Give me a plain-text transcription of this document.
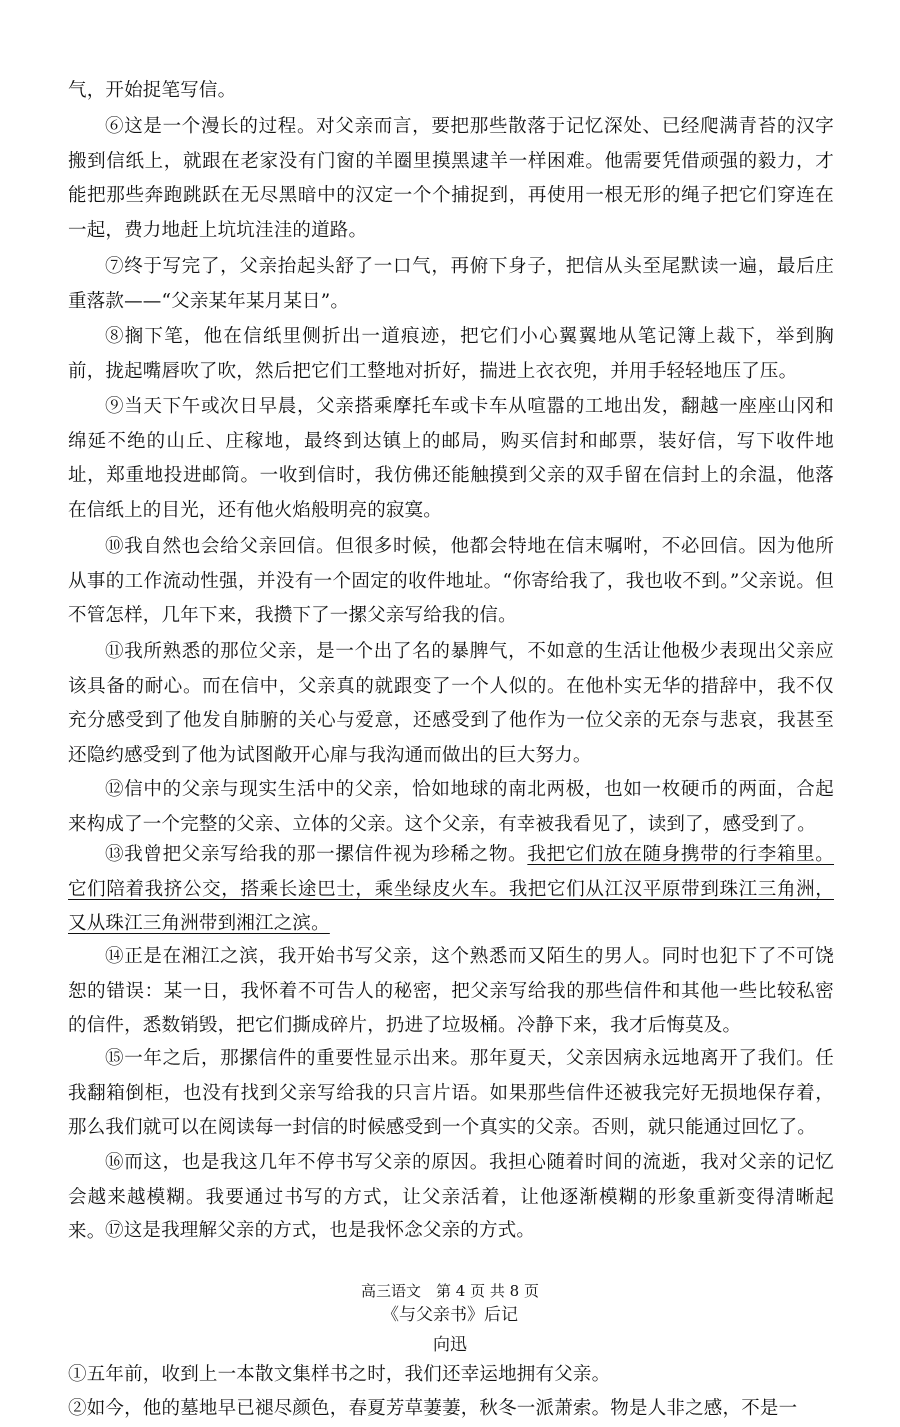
气，开始捉笔写信。

⑥这是一个漫长的过程。对父亲而言，要把那些散落于记忆深处、已经爬满青苔的汉字搬到信纸上，就跟在老家没有门窗的羊圈里摸黑逮羊一样困难。他需要凭借顽强的毅力，才能把那些奔跑跳跃在无尽黑暗中的汉定一个个捕捉到，再使用一根无形的绳子把它们穿连在一起，费力地赶上坑坑洼洼的道路。

⑦终于写完了，父亲抬起头舒了一口气，再俯下身子，把信从头至尾默读一遍，最后庄重落款——“父亲某年某月某日”。

⑧搁下笔，他在信纸里侧折出一道痕迹，把它们小心翼翼地从笔记簿上裁下，举到胸前，拢起嘴唇吹了吹，然后把它们工整地对折好，揣进上衣衣兜，并用手轻轻地压了压。

⑨当天下午或次日早晨，父亲搭乘摩托车或卡车从喧嚣的工地出发，翻越一座座山冈和绵延不绝的山丘、庄稼地，最终到达镇上的邮局，购买信封和邮票，装好信，写下收件地址，郑重地投进邮筒。一收到信时，我仿佛还能触摸到父亲的双手留在信封上的余温，他落在信纸上的目光，还有他火焰般明亮的寂寞。

⑩我自然也会给父亲回信。但很多时候，他都会特地在信末嘱咐，不必回信。因为他所从事的工作流动性强，并没有一个固定的收件地址。“你寄给我了，我也收不到。”父亲说。但不管怎样，几年下来，我攒下了一摞父亲写给我的信。

⑪我所熟悉的那位父亲，是一个出了名的暴脾气，不如意的生活让他极少表现出父亲应该具备的耐心。而在信中，父亲真的就跟变了一个人似的。在他朴实无华的措辞中，我不仅充分感受到了他发自肺腑的关心与爱意，还感受到了他作为一位父亲的无奈与悲哀，我甚至还隐约感受到了他为试图敞开心扉与我沟通而做出的巨大努力。

⑫信中的父亲与现实生活中的父亲，恰如地球的南北两极，也如一枚硬币的两面，合起来构成了一个完整的父亲、立体的父亲。这个父亲，有幸被我看见了，读到了，感受到了。

⑬我曾把父亲写给我的那一摞信件视为珍稀之物。我把它们放在随身携带的行李箱里。它们陪着我挤公交，搭乘长途巴士，乘坐绿皮火车。我把它们从江汉平原带到珠江三角洲，又从珠江三角洲带到湘江之滨。

⑭正是在湘江之滨，我开始书写父亲，这个熟悉而又陌生的男人。同时也犯下了不可饶恕的错误：某一日，我怀着不可告人的秘密，把父亲写给我的那些信件和其他一些比较私密的信件，悉数销毁，把它们撕成碎片，扔进了垃圾桶。冷静下来，我才后悔莫及。

⑮一年之后，那摞信件的重要性显示出来。那年夏天，父亲因病永远地离开了我们。任我翻箱倒柜，也没有找到父亲写给我的只言片语。如果那些信件还被我完好无损地保存着，那么我们就可以在阅读每一封信的时候感受到一个真实的父亲。否则，就只能通过回忆了。

⑯而这，也是我这几年不停书写父亲的原因。我担心随着时间的流逝，我对父亲的记忆会越来越模糊。我要通过书写的方式，让父亲活着，让他逐渐模糊的形象重新变得清晰起来。 ⑰这是我理解父亲的方式，也是我怀念父亲的方式。

高三语文　第 4 页 共 8 页
《与父亲书》后记
向迅

①五年前，收到上一本散文集样书之时，我们还幸运地拥有父亲。

②如今，他的墓地早已褪尽颜色，春夏芳草萋萋，秋冬一派萧索。物是人非之感，不是一
